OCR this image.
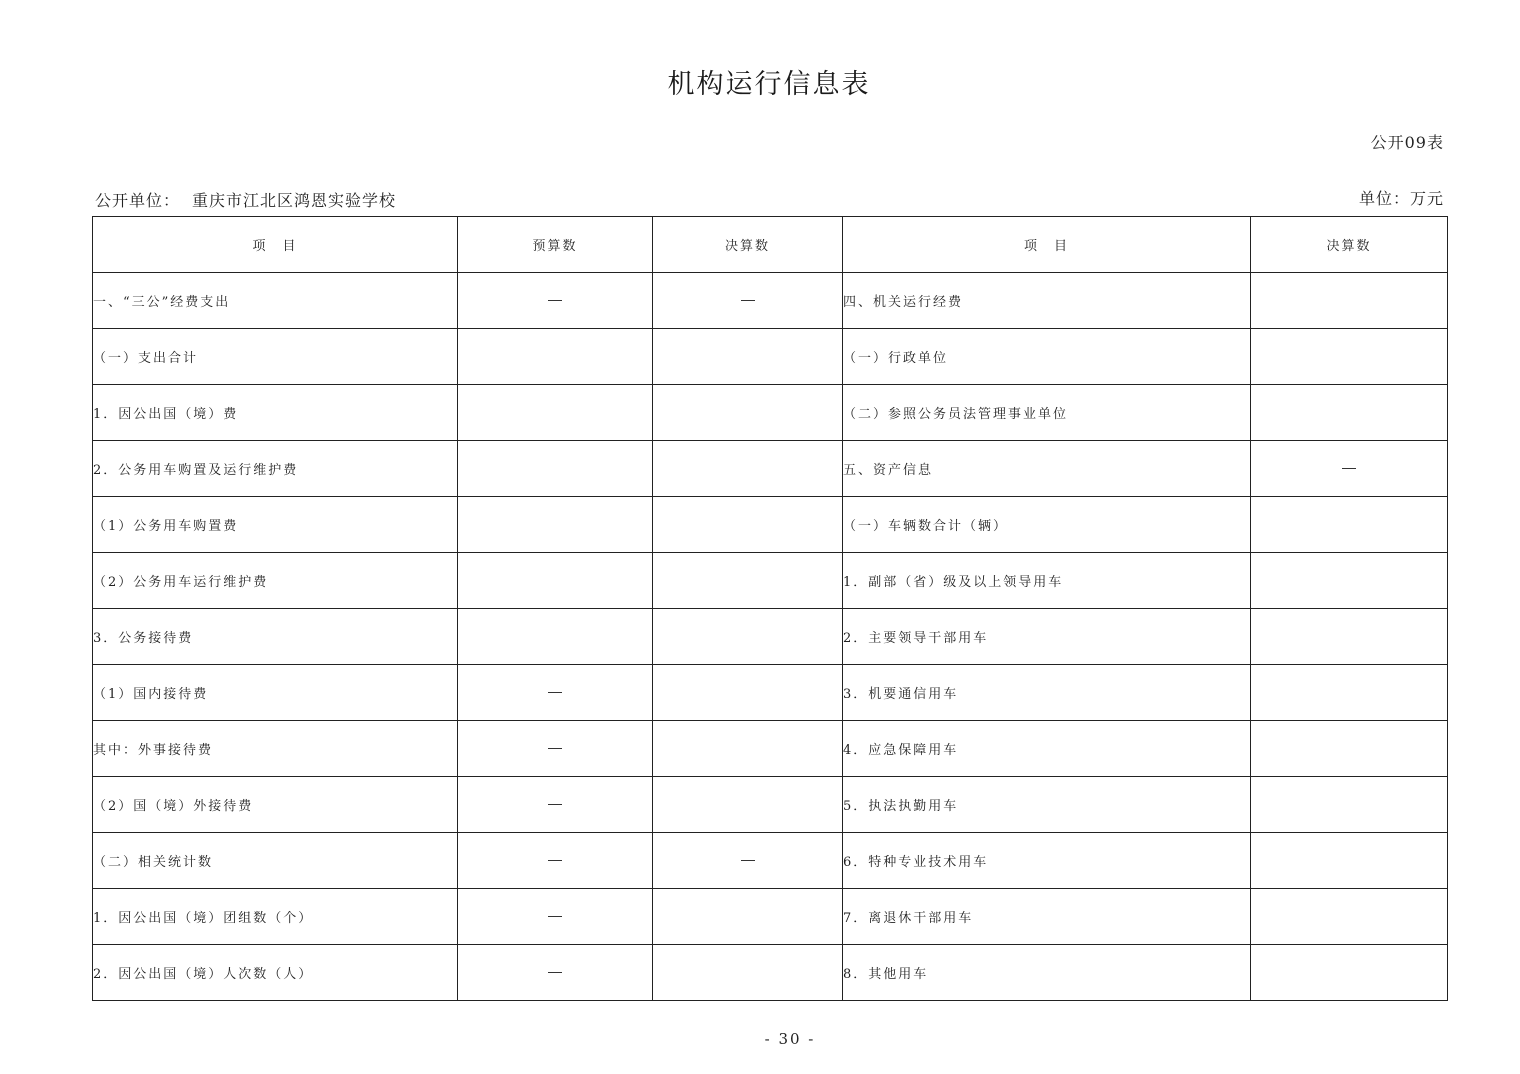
机构运行信息表
公开09表
公开单位： 重庆市江北区鸿恩实验学校	单位：万元
项　目	预算数	决算数	项　目	决算数
一、“三公”经费支出			四、机关运行经费	
（一）支出合计			（一）行政单位	
1．因公出国（境）费			（二）参照公务员法管理事业单位	
2．公务用车购置及运行维护费			五、资产信息	
（1）公务用车购置费			（一）车辆数合计（辆）	
（2）公务用车运行维护费			1．副部（省）级及以上领导用车	
3．公务接待费			2．主要领导干部用车	
（1）国内接待费			3．机要通信用车	
其中：外事接待费			4．应急保障用车	
（2）国（境）外接待费			5．执法执勤用车	
（二）相关统计数			6．特种专业技术用车	
1．因公出国（境）团组数（个）			7．离退休干部用车	
2．因公出国（境）人次数（人）			8．其他用车	
- 30 -
